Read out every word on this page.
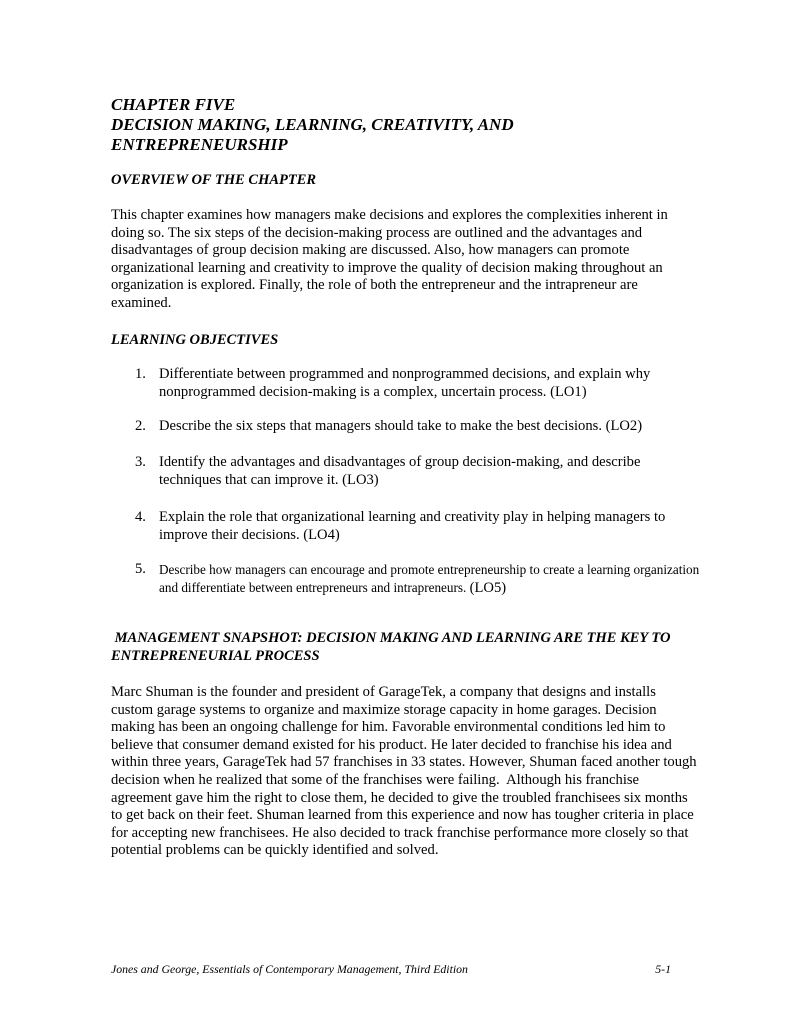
CHAPTER FIVE
DECISION MAKING, LEARNING, CREATIVITY, AND
ENTREPRENEURSHIP
OVERVIEW OF THE CHAPTER

This chapter examines how managers make decisions and explores the complexities inherent in doing so. The six steps of the decision-making process are outlined and the advantages and disadvantages of group decision making are discussed. Also, how managers can promote organizational learning and creativity to improve the quality of decision making throughout an organization is explored. Finally, the role of both the entrepreneur and the intrapreneur are examined.

LEARNING OBJECTIVES
1. Differentiate between programmed and nonprogrammed decisions, and explain why nonprogrammed decision-making is a complex, uncertain process. (LO1)
2. Describe the six steps that managers should take to make the best decisions. (LO2)
3. Identify the advantages and disadvantages of group decision-making, and describe techniques that can improve it. (LO3)
4. Explain the role that organizational learning and creativity play in helping managers to improve their decisions. (LO4)
5. Describe how managers can encourage and promote entrepreneurship to create a learning organization and differentiate between entrepreneurs and intrapreneurs. (LO5)
MANAGEMENT SNAPSHOT: DECISION MAKING AND LEARNING ARE THE KEY TO ENTREPRENEURIAL PROCESS

Marc Shuman is the founder and president of GarageTek, a company that designs and installs custom garage systems to organize and maximize storage capacity in home garages. Decision making has been an ongoing challenge for him. Favorable environmental conditions led him to believe that consumer demand existed for his product. He later decided to franchise his idea and within three years, GarageTek had 57 franchises in 33 states. However, Shuman faced another tough decision when he realized that some of the franchises were failing.  Although his franchise agreement gave him the right to close them, he decided to give the troubled franchisees six months to get back on their feet. Shuman learned from this experience and now has tougher criteria in place for accepting new franchisees. He also decided to track franchise performance more closely so that potential problems can be quickly identified and solved.

Jones and George, Essentials of Contemporary Management, Third Edition	5-1
